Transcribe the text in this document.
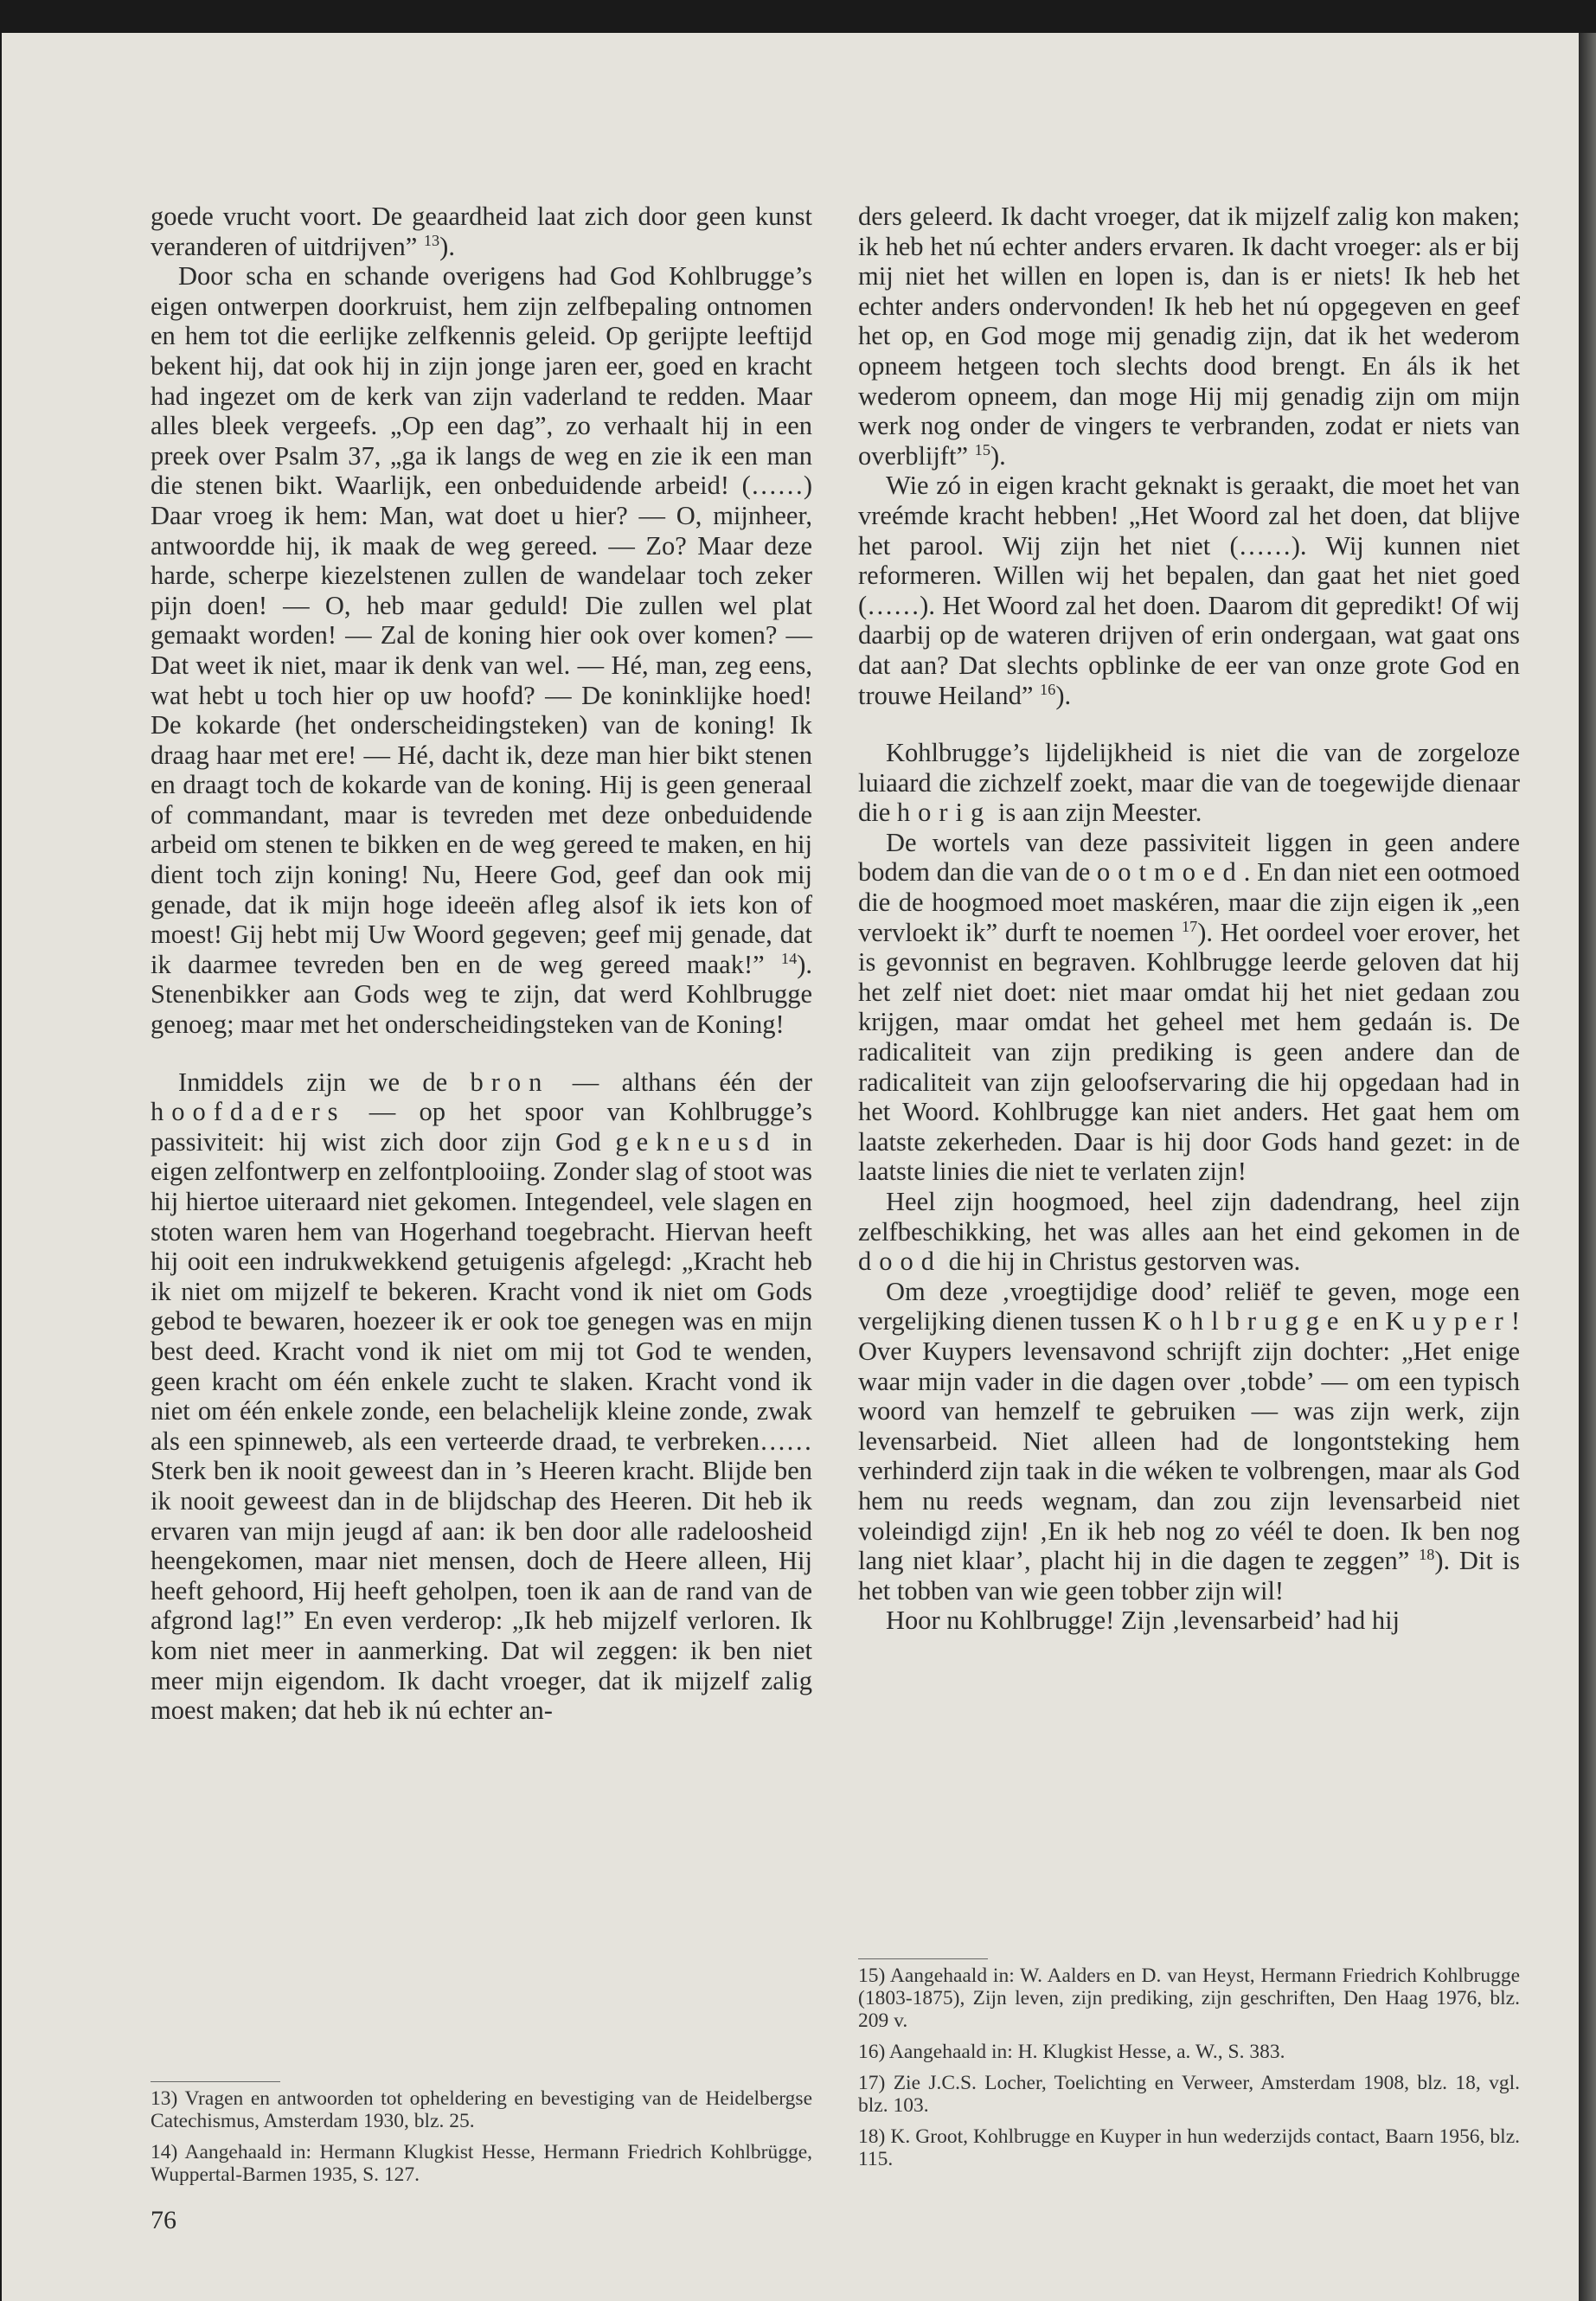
goede vrucht voort. De geaardheid laat zich door geen kunst veranderen of uitdrijven” $^{13}$).

Door scha en schande overigens had God Kohlbrugge’s eigen ontwerpen doorkruist, hem zijn zelfbepaling ontnomen en hem tot die eerlijke zelfkennis geleid. Op gerijpte leeftijd bekent hij, dat ook hij in zijn jonge jaren eer, goed en kracht had ingezet om de kerk van zijn vaderland te redden. Maar alles bleek vergeefs. „Op een dag”, zo verhaalt hij in een preek over Psalm 37, „ga ik langs de weg en zie ik een man die stenen bikt. Waarlijk, een onbeduidende arbeid! (……) Daar vroeg ik hem: Man, wat doet u hier? — O, mijnheer, antwoordde hij, ik maak de weg gereed. — Zo? Maar deze harde, scherpe kiezelstenen zullen de wandelaar toch zeker pijn doen! — O, heb maar geduld! Die zullen wel plat gemaakt worden! — Zal de koning hier ook over komen? — Dat weet ik niet, maar ik denk van wel. — Hé, man, zeg eens, wat hebt u toch hier op uw hoofd? — De koninklijke hoed! De kokarde (het onderscheidingsteken) van de koning! Ik draag haar met ere! — Hé, dacht ik, deze man hier bikt stenen en draagt toch de kokarde van de koning. Hij is geen generaal of commandant, maar is tevreden met deze onbeduidende arbeid om stenen te bikken en de weg gereed te maken, en hij dient toch zijn koning! Nu, Heere God, geef dan ook mij genade, dat ik mijn hoge ideeën afleg alsof ik iets kon of moest! Gij hebt mij Uw Woord gegeven; geef mij genade, dat ik daarmee tevreden ben en de weg gereed maak!” $^{14}$). Stenenbikker aan Gods weg te zijn, dat werd Kohlbrugge genoeg; maar met het onderscheidingsteken van de Koning!

Inmiddels zijn we de bron — althans één der hoofdaders — op het spoor van Kohlbrugge’s passiviteit: hij wist zich door zijn God gekneusd in eigen zelfontwerp en zelfontplooiing. Zonder slag of stoot was hij hiertoe uiteraard niet gekomen. Integendeel, vele slagen en stoten waren hem van Hogerhand toegebracht. Hiervan heeft hij ooit een indrukwekkend getuigenis afgelegd: „Kracht heb ik niet om mijzelf te bekeren. Kracht vond ik niet om Gods gebod te bewaren, hoezeer ik er ook toe genegen was en mijn best deed. Kracht vond ik niet om mij tot God te wenden, geen kracht om één enkele zucht te slaken. Kracht vond ik niet om één enkele zonde, een belachelijk kleine zonde, zwak als een spinneweb, als een verteerde draad, te verbreken…… Sterk ben ik nooit geweest dan in ’s Heeren kracht. Blijde ben ik nooit geweest dan in de blijdschap des Heeren. Dit heb ik ervaren van mijn jeugd af aan: ik ben door alle radeloosheid heengekomen, maar niet mensen, doch de Heere alleen, Hij heeft gehoord, Hij heeft geholpen, toen ik aan de rand van de afgrond lag!” En even verderop: „Ik heb mijzelf verloren. Ik kom niet meer in aanmerking. Dat wil zeggen: ik ben niet meer mijn eigendom. Ik dacht vroeger, dat ik mijzelf zalig moest maken; dat heb ik nú echter an-

ders geleerd. Ik dacht vroeger, dat ik mijzelf zalig kon maken; ik heb het nú echter anders ervaren. Ik dacht vroeger: als er bij mij niet het willen en lopen is, dan is er niets! Ik heb het echter anders ondervonden! Ik heb het nú opgegeven en geef het op, en God moge mij genadig zijn, dat ik het wederom opneem hetgeen toch slechts dood brengt. En áls ik het wederom opneem, dan moge Hij mij genadig zijn om mijn werk nog onder de vingers te verbranden, zodat er niets van overblijft” $^{15}$).

Wie zó in eigen kracht geknakt is geraakt, die moet het van vreémde kracht hebben! „Het Woord zal het doen, dat blijve het parool. Wij zijn het niet (……). Wij kunnen niet reformeren. Willen wij het bepalen, dan gaat het niet goed (……). Het Woord zal het doen. Daarom dit gepredikt! Of wij daarbij op de wateren drijven of erin ondergaan, wat gaat ons dat aan? Dat slechts opblinke de eer van onze grote God en trouwe Heiland” $^{16}$).

Kohlbrugge’s lijdelijkheid is niet die van de zorgeloze luiaard die zichzelf zoekt, maar die van de toegewijde dienaar die horig is aan zijn Meester.

De wortels van deze passiviteit liggen in geen andere bodem dan die van de ootmoed. En dan niet een ootmoed die de hoogmoed moet maskéren, maar die zijn eigen ik „een vervloekt ik” durft te noemen $^{17}$). Het oordeel voer erover, het is gevonnist en begraven. Kohlbrugge leerde geloven dat hij het zelf niet doet: niet maar omdat hij het niet gedaan zou krijgen, maar omdat het geheel met hem gedaán is. De radicaliteit van zijn prediking is geen andere dan de radicaliteit van zijn geloofservaring die hij opgedaan had in het Woord. Kohlbrugge kan niet anders. Het gaat hem om laatste zekerheden. Daar is hij door Gods hand gezet: in de laatste linies die niet te verlaten zijn!

Heel zijn hoogmoed, heel zijn dadendrang, heel zijn zelfbeschikking, het was alles aan het eind gekomen in de dood die hij in Christus gestorven was.

Om deze ‚vroegtijdige dood’ reliëf te geven, moge een vergelijking dienen tussen Kohlbrugge en Kuyper! Over Kuypers levensavond schrijft zijn dochter: „Het enige waar mijn vader in die dagen over ‚tobde’ — om een typisch woord van hemzelf te gebruiken — was zijn werk, zijn levensarbeid. Niet alleen had de longontsteking hem verhinderd zijn taak in die wéken te volbrengen, maar als God hem nu reeds wegnam, dan zou zijn levensarbeid niet voleindigd zijn! ‚En ik heb nog zo véél te doen. Ik ben nog lang niet klaar’, placht hij in die dagen te zeggen” $^{18}$). Dit is het tobben van wie geen tobber zijn wil!

Hoor nu Kohlbrugge! Zijn ‚levensarbeid’ had hij

13) Vragen en antwoorden tot opheldering en bevestiging van de Heidelbergse Catechismus, Amsterdam 1930, blz. 25.

14) Aangehaald in: Hermann Klugkist Hesse, Hermann Friedrich Kohlbrügge, Wuppertal-Barmen 1935, S. 127.

15) Aangehaald in: W. Aalders en D. van Heyst, Hermann Friedrich Kohlbrugge (1803-1875), Zijn leven, zijn prediking, zijn geschriften, Den Haag 1976, blz. 209 v.

16) Aangehaald in: H. Klugkist Hesse, a. W., S. 383.

17) Zie J.C.S. Locher, Toelichting en Verweer, Amsterdam 1908, blz. 18, vgl. blz. 103.

18) K. Groot, Kohlbrugge en Kuyper in hun wederzijds contact, Baarn 1956, blz. 115.

76
